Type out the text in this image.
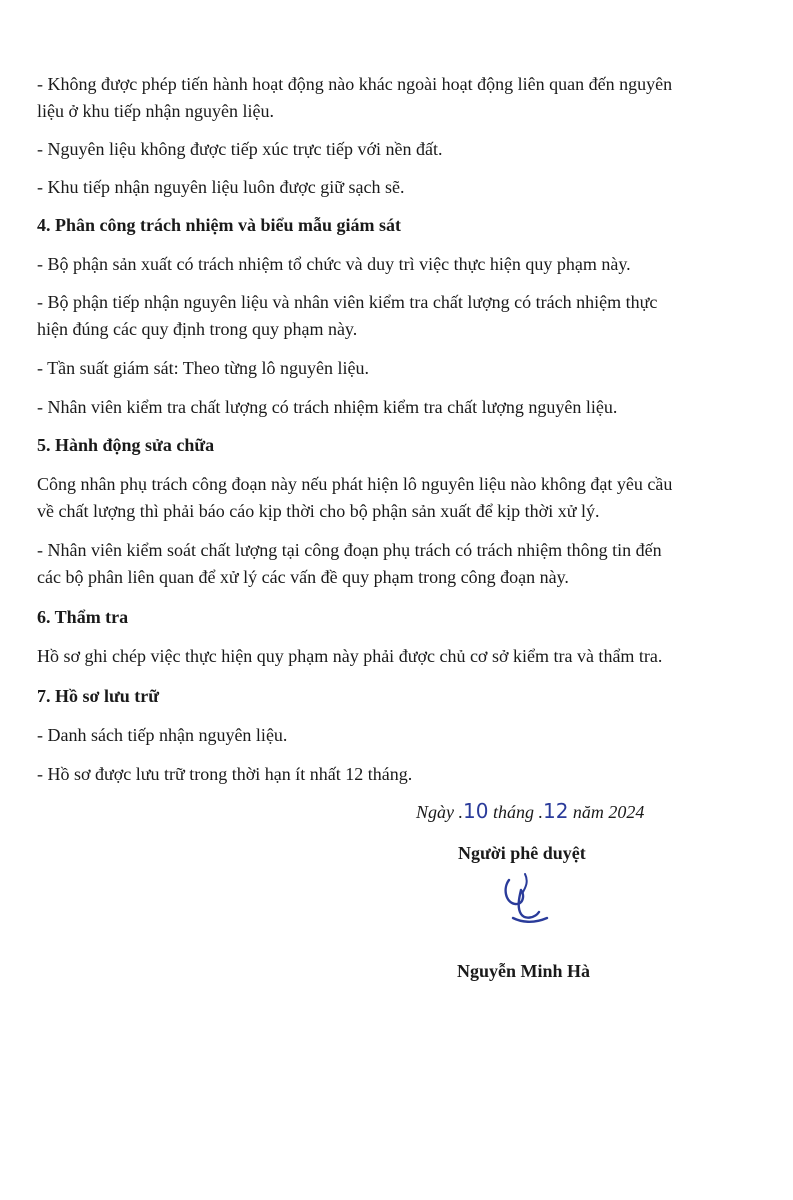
- Không được phép tiến hành hoạt động nào khác ngoài hoạt động liên quan đến nguyên
liệu ở khu tiếp nhận nguyên liệu.
- Nguyên liệu không được tiếp xúc trực tiếp với nền đất.
- Khu tiếp nhận nguyên liệu luôn được giữ sạch sẽ.
4. Phân công trách nhiệm và biểu mẫu giám sát
- Bộ phận sản xuất có trách nhiệm tổ chức và duy trì việc thực hiện quy phạm này.
- Bộ phận tiếp nhận nguyên liệu và nhân viên kiểm tra chất lượng có trách nhiệm thực
hiện đúng các quy định trong quy phạm này.
- Tần suất giám sát: Theo từng lô nguyên liệu.
- Nhân viên kiểm tra chất lượng có trách nhiệm kiểm tra chất lượng nguyên liệu.
5. Hành động sửa chữa
Công nhân phụ trách công đoạn này nếu phát hiện lô nguyên liệu nào không đạt yêu cầu
về chất lượng thì phải báo cáo kịp thời cho bộ phận sản xuất để kịp thời xử lý.
- Nhân viên kiểm soát chất lượng tại công đoạn phụ trách có trách nhiệm thông tin đến
các bộ phân liên quan để xử lý các vấn đề quy phạm trong công đoạn này.
6. Thẩm tra
Hồ sơ ghi chép việc thực hiện quy phạm này phải được chủ cơ sở kiểm tra và thẩm tra.
7. Hồ sơ lưu trữ
- Danh sách tiếp nhận nguyên liệu.
- Hồ sơ được lưu trữ trong thời hạn ít nhất 12 tháng.
Ngày .10 tháng .12 năm 2024
Người phê duyệt
Nguyễn Minh Hà
